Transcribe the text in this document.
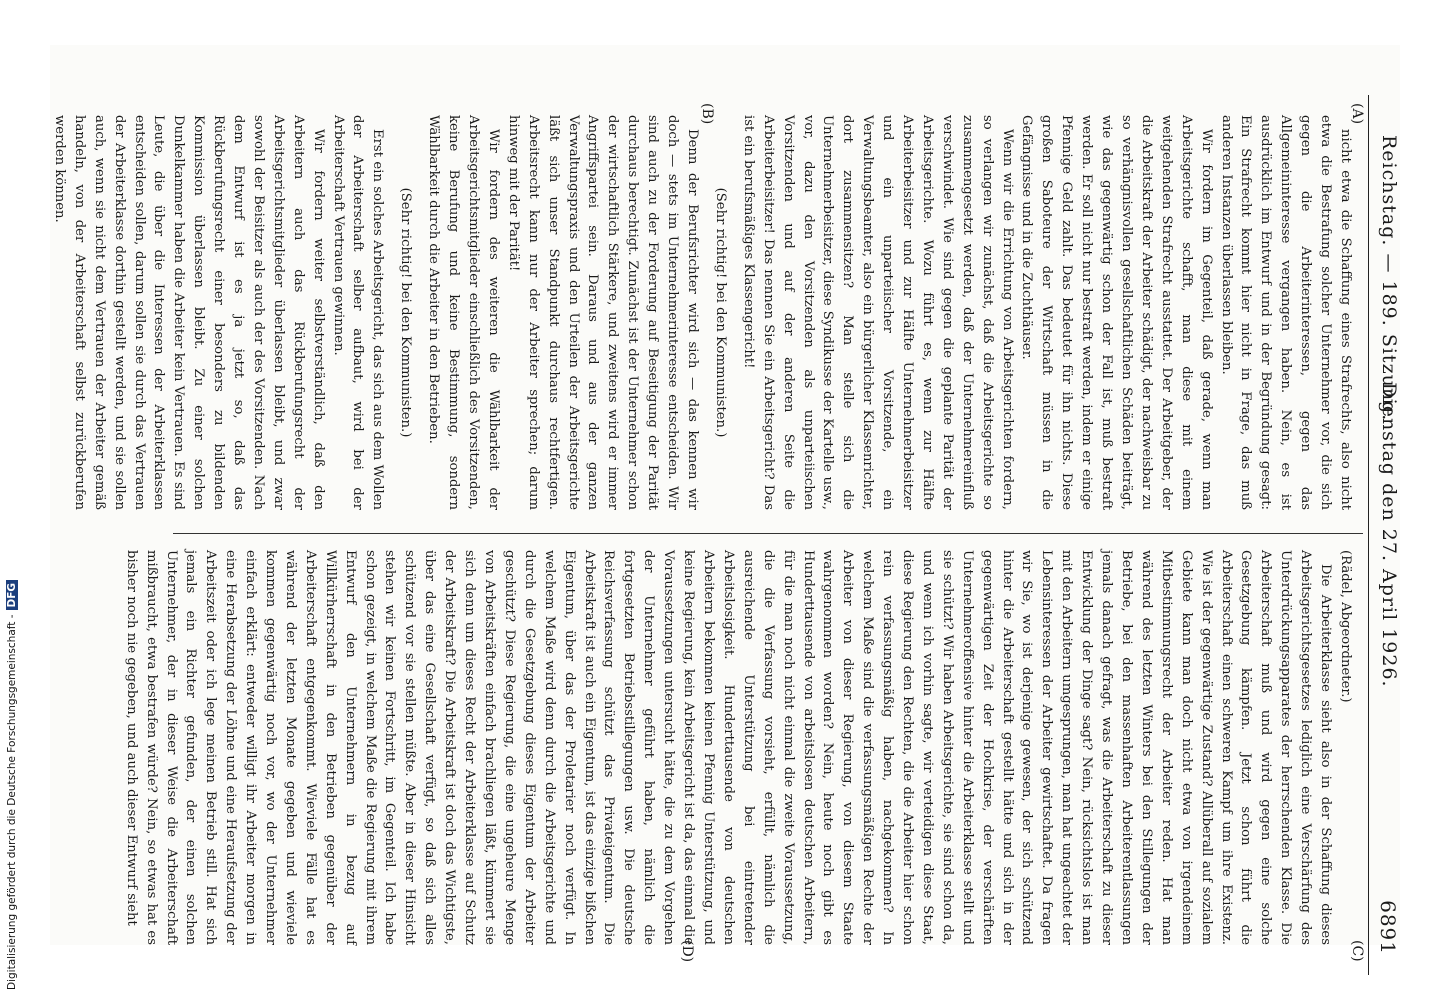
Reichstag. — 189. Sitzung.
Dienstag den 27. April 1926.
6891
(A)
(B)
(C)
(D)

nicht etwa die Schaffung eines Strafrechts, also nicht etwa die Bestrafung solcher Unternehmer vor, die sich gegen die Arbeiterinteressen, gegen das Allgemeininteresse vergangen haben. Nein, es ist ausdrücklich im Entwurf und in der Begründung gesagt: Ein Strafrecht kommt hier nicht in Frage, das muß anderen Instanzen überlassen bleiben.

Wir fordern im Gegenteil, daß gerade, wenn man Arbeitsgerichte schafft, man diese mit einem weitgehenden Strafrecht ausstattet. Der Arbeitgeber, der die Arbeitskraft der Arbeiter schädigt, der nachweisbar zu so verhängnisvollen gesellschaftlichen Schäden beiträgt, wie das gegenwärtig schon der Fall ist, muß bestraft werden. Er soll nicht nur bestraft werden, indem er einige Pfennige Geld zahlt. Das bedeutet für ihn nichts. Diese großen Saboteure der Wirtschaft müssen in die Gefängnisse und in die Zuchthäuser.

Wenn wir die Errichtung von Arbeitsgerichten fordern, so verlangen wir zunächst, daß die Arbeitsgerichte so zusammengesetzt werden, daß der Unternehmereinfluß verschwindet. Wie sind gegen die geplante Parität der Arbeitsgerichte. Wozu führt es, wenn zur Hälfte Arbeiterbeisitzer und zur Hälfte Unternehmerbeisitzer und ein unparteiischer Vorsitzende, ein Verwaltungsbeamter, also ein bürgerlicher Klassenrichter, dort zusammensitzen? Man stelle sich die Unternehmerbeisitzer, diese Syndikusse der Kartelle usw., vor, dazu den Vorsitzenden als unparteiischen Vorsitzenden und auf der anderen Seite die Arbeiterbeisitzer! Das nennen Sie ein Arbeitsgericht? Das ist ein berufsmäßiges Klassengericht!

(Sehr richtig! bei den Kommunisten.)

Denn der Berufsrichter wird sich — das kennen wir doch — stets im Unternehmerinteresse entscheiden. Wir sind auch zu der Forderung auf Beseitigung der Parität durchaus berechtigt. Zunächst ist der Unternehmer schon der wirtschaftlich Stärkere, und zweitens wird er immer Angriffspartei sein. Daraus und aus der ganzen Verwaltungspraxis und den Urteilen der Arbeitsgerichte läßt sich unser Standpunkt durchaus rechtfertigen. Arbeitsrecht kann nur der Arbeiter sprechen; darum hinweg mit der Parität!

Wir fordern des weiteren die Wählbarkeit der Arbeitsgerichtsmitglieder einschließlich des Vorsitzenden, keine Berufung und keine Bestimmung, sondern Wählbarkeit durch die Arbeiter in den Betrieben.

(Sehr richtig! bei den Kommunisten.)

Erst ein solches Arbeitsgericht, das sich aus dem Wollen der Arbeiterschaft selber aufbaut, wird bei der Arbeiterschaft Vertrauen gewinnen.

Wir fordern weiter selbstverständlich, daß den Arbeitern auch das Rückberufungsrecht der Arbeitsgerichtsmitglieder überlassen bleibt, und zwar sowohl der Beisitzer als auch der des Vorsitzenden. Nach dem Entwurf ist es ja jetzt so, daß das Rückberufungsrecht einer besonders zu bildenden Kommission überlassen bleibt. Zu einer solchen Dunkelkammer haben die Arbeiter kein Vertrauen. Es sind Leute, die über die Interessen der Arbeiterklassen entscheiden sollen, darum sollen sie durch das Vertrauen der Arbeiterklasse dorthin gestellt werden, und sie sollen auch, wenn sie nicht dem Vertrauen der Arbeiter gemäß handeln, von der Arbeiterschaft selbst zurückberufen werden können.

(Rädel, Abgeordneter.)

Die Arbeiterklasse sieht also in der Schaffung dieses Arbeitsgerichtsgesetzes lediglich eine Verschärfung des Unterdrückungsapparates der herrschenden Klasse. Die Arbeiterschaft muß und wird gegen eine solche Gesetzgebung kämpfen. Jetzt schon führt die Arbeiterschaft einen schweren Kampf um ihre Existenz. Wie ist der gegenwärtige Zustand? Allüberall auf sozialem Gebiete kann man doch nicht etwa von irgendeinem Mitbestimmungsrecht der Arbeiter reden. Hat man während des letzten Winters bei den Stillegungen der Betriebe, bei den massenhaften Arbeiterentlassungen jemals danach gefragt, was die Arbeiterschaft zu dieser Entwicklung der Dinge sagt? Nein, rücksichtslos ist man mit den Arbeitern umgesprungen, man hat ungeachtet der Lebensinteressen der Arbeiter gewirtschaftet. Da fragen wir Sie, wo ist derjenige gewesen, der sich schützend hinter die Arbeiterschaft gestellt hätte und sich in der gegenwärtigen Zeit der Hochkrise, der verschärften Unternehmeroffensive hinter die Arbeiterklasse stellt und sie schützt? Wir haben Arbeitsgerichte, sie sind schon da, und wenn ich vorhin sagte, wir verteidigen diese Staat, diese Regierung den Rechten, die die Arbeiter hier schon rein verfassungsmäßig haben, nachgekommen? In welchem Maße sind die verfassungsmäßigen Rechte der Arbeiter von dieser Regierung, von diesem Staate wahrgenommen worden? Nein, heute noch gibt es Hunderttausende von arbeitslosen deutschen Arbeitern, für die man noch nicht einmal die zweite Voraussetzung, die die Verfassung vorsieht, erfüllt, nämlich die ausreichende Unterstützung bei eintretender Arbeitslosigkeit. Hunderttausende von deutschen Arbeitern bekommen keinen Pfennig Unterstützung, und keine Regierung, kein Arbeitsgericht ist da, das einmal die Voraussetzungen untersucht hätte, die zu dem Vorgehen der Unternehmer geführt haben, nämlich die fortgesetzten Betriebsstillegungen usw. Die deutsche Reichsverfassung schützt das Privateigentum. Die Arbeitskraft ist auch ein Eigentum, ist das einzige bißchen Eigentum, über das der Proletarier noch verfügt. In welchem Maße wird denn durch die Arbeitsgerichte und durch die Gesetzgebung dieses Eigentum der Arbeiter geschützt? Diese Regierung, die eine ungeheure Menge von Arbeitskräften einfach brachliegen läßt, kümmert sie sich denn um dieses Recht der Arbeiterklasse auf Schutz der Arbeitskraft? Die Arbeitskraft ist doch das Wichtigste, über das eine Gesellschaft verfügt, so daß sich alles schützend vor sie stellen müßte. Aber in dieser Hinsicht stehen wir keinen Fortschritt, im Gegenteil. Ich habe schon gezeigt, in welchem Maße die Regierung mit ihrem Entwurf den Unternehmern in bezug auf Willkürherrschaft in den Betrieben gegenüber der Arbeiterschaft entgegenkommt. Wieviele Fälle hat es während der letzten Monate gegeben und wieviele kommen gegenwärtig noch vor, wo der Unternehmer einfach erklärt: entweder willigt ihr Arbeiter morgen in eine Herabsetzung der Löhne und eine Heraufsetzung der Arbeitszeit oder ich lege meinen Betrieb still. Hat sich jemals ein Richter gefunden, der einen solchen Unternehmer, der in dieser Weise die Arbeiterschaft mißbraucht, etwa bestrafen würde? Nein, so etwas hat es bisher noch nie gegeben, und auch dieser Entwurf sieht

Digitalisierung gefördert durch die Deutsche Forschungsgemeinschaft -DFG
